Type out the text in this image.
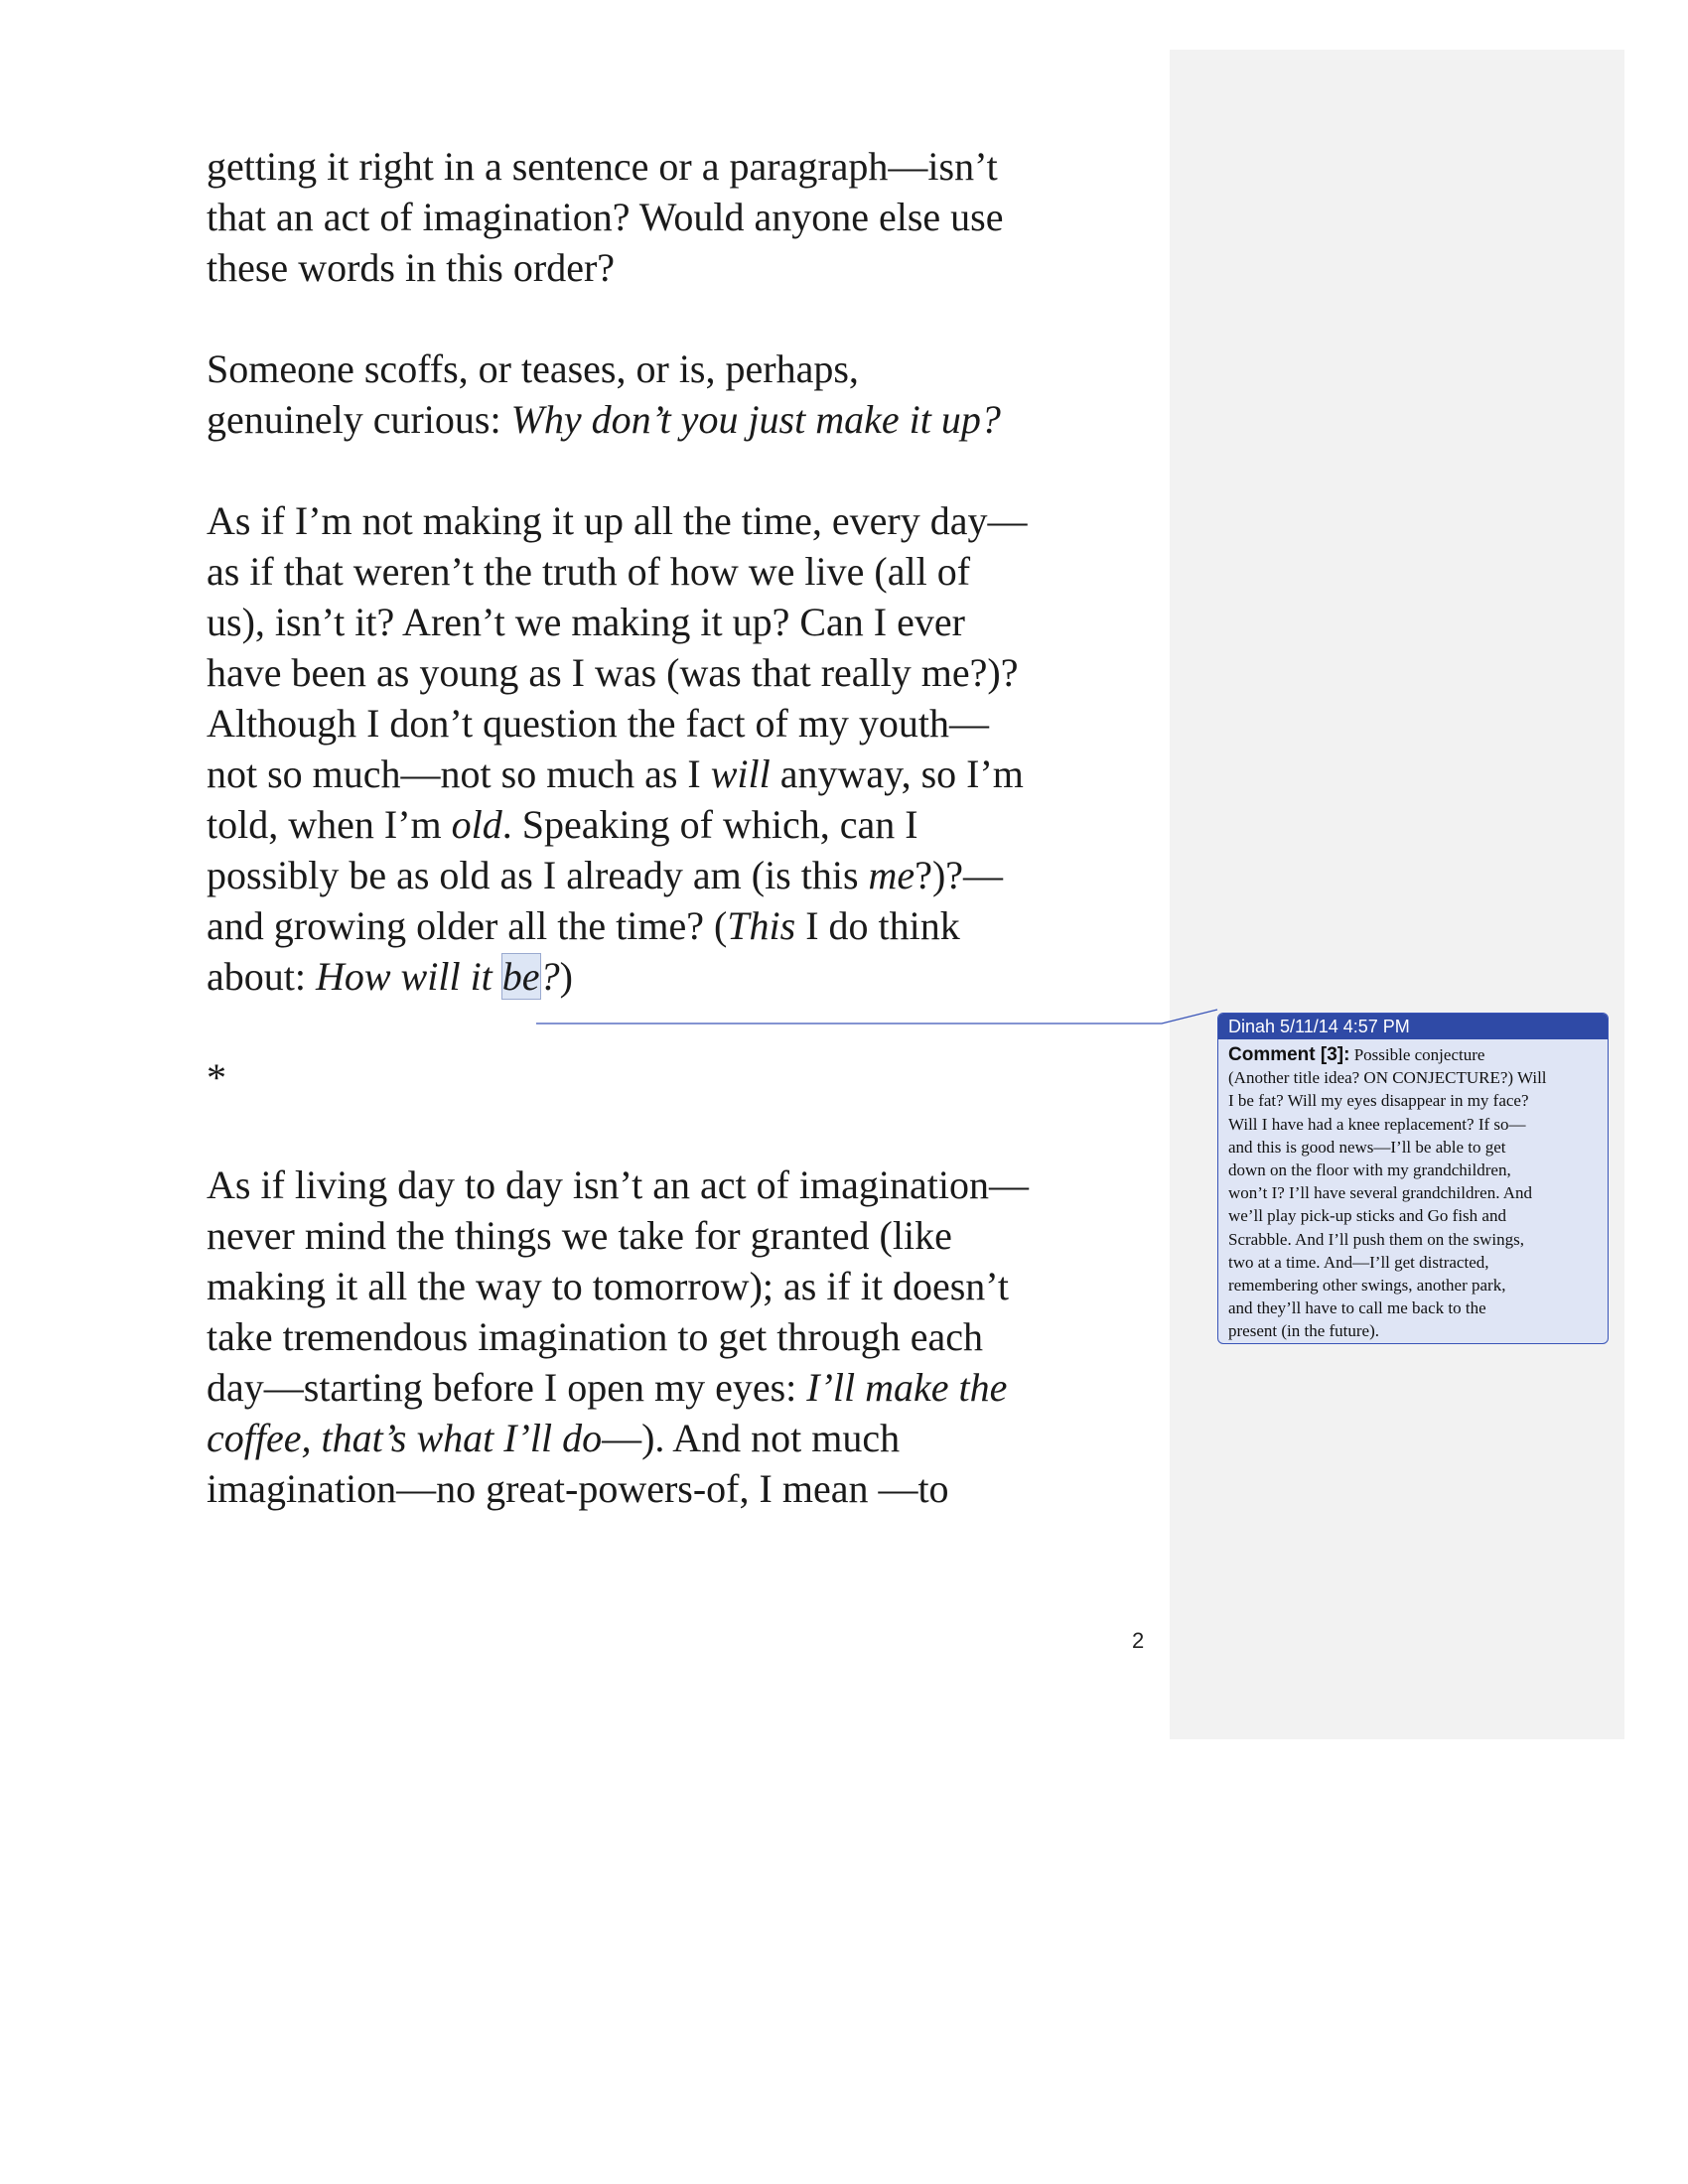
getting it right in a sentence or a paragraph—isn’t
that an act of imagination? Would anyone else use
these words in this order?
Someone scoffs, or teases, or is, perhaps,
genuinely curious: Why don’t you just make it up?
As if I’m not making it up all the time, every day—
as if that weren’t the truth of how we live (all of
us), isn’t it? Aren’t we making it up? Can I ever
have been as young as I was (was that really me?)?
Although I don’t question the fact of my youth—
not so much—not so much as I will anyway, so I’m
told, when I’m old. Speaking of which, can I
possibly be as old as I already am (is this me?)?—
and growing older all the time? (This I do think
about: How will it be?)
*
As if living day to day isn’t an act of imagination—
never mind the things we take for granted (like
making it all the way to tomorrow); as if it doesn’t
take tremendous imagination to get through each
day—starting before I open my eyes: I’ll make the
coffee, that’s what I’ll do—). And not much
imagination—no great-powers-of, I mean —to
Dinah 5/11/14 4:57 PM
Comment [3]: Possible conjecture
(Another title idea? ON CONJECTURE?) Will
I be fat? Will my eyes disappear in my face?
Will I have had a knee replacement? If so—
and this is good news—I’ll be able to get
down on the floor with my grandchildren,
won’t I? I’ll have several grandchildren. And
we’ll play pick-up sticks and Go fish and
Scrabble. And I’ll push them on the swings,
two at a time. And—I’ll get distracted,
remembering other swings, another park,
and they’ll have to call me back to the
present (in the future).
2
